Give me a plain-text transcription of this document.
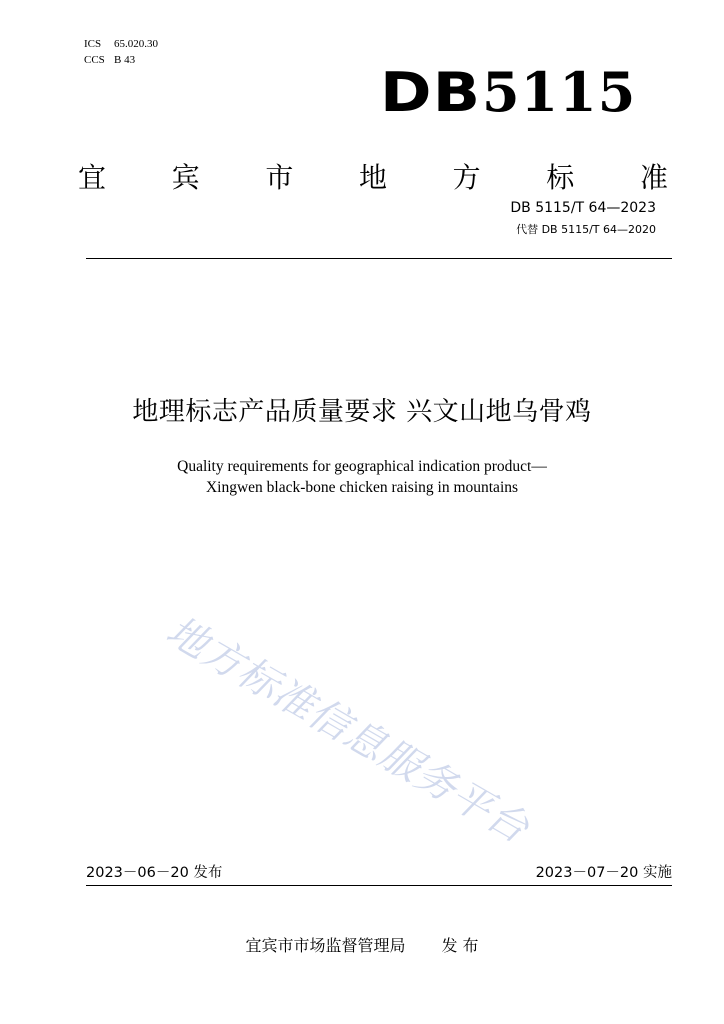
ICS 65.020.30
CCS B 43
DB5115
宜 宾 市 地 方 标 准
DB 5115/T 64—2023
代替 DB 5115/T 64—2020
地理标志产品质量要求 兴文山地乌骨鸡
Quality requirements for geographical indication product—
Xingwen black-bone chicken raising in mountains
地方标准信息服务平台
2023－06－20 发布	2023－07－20 实施
宜宾市市场监督管理局 发 布
